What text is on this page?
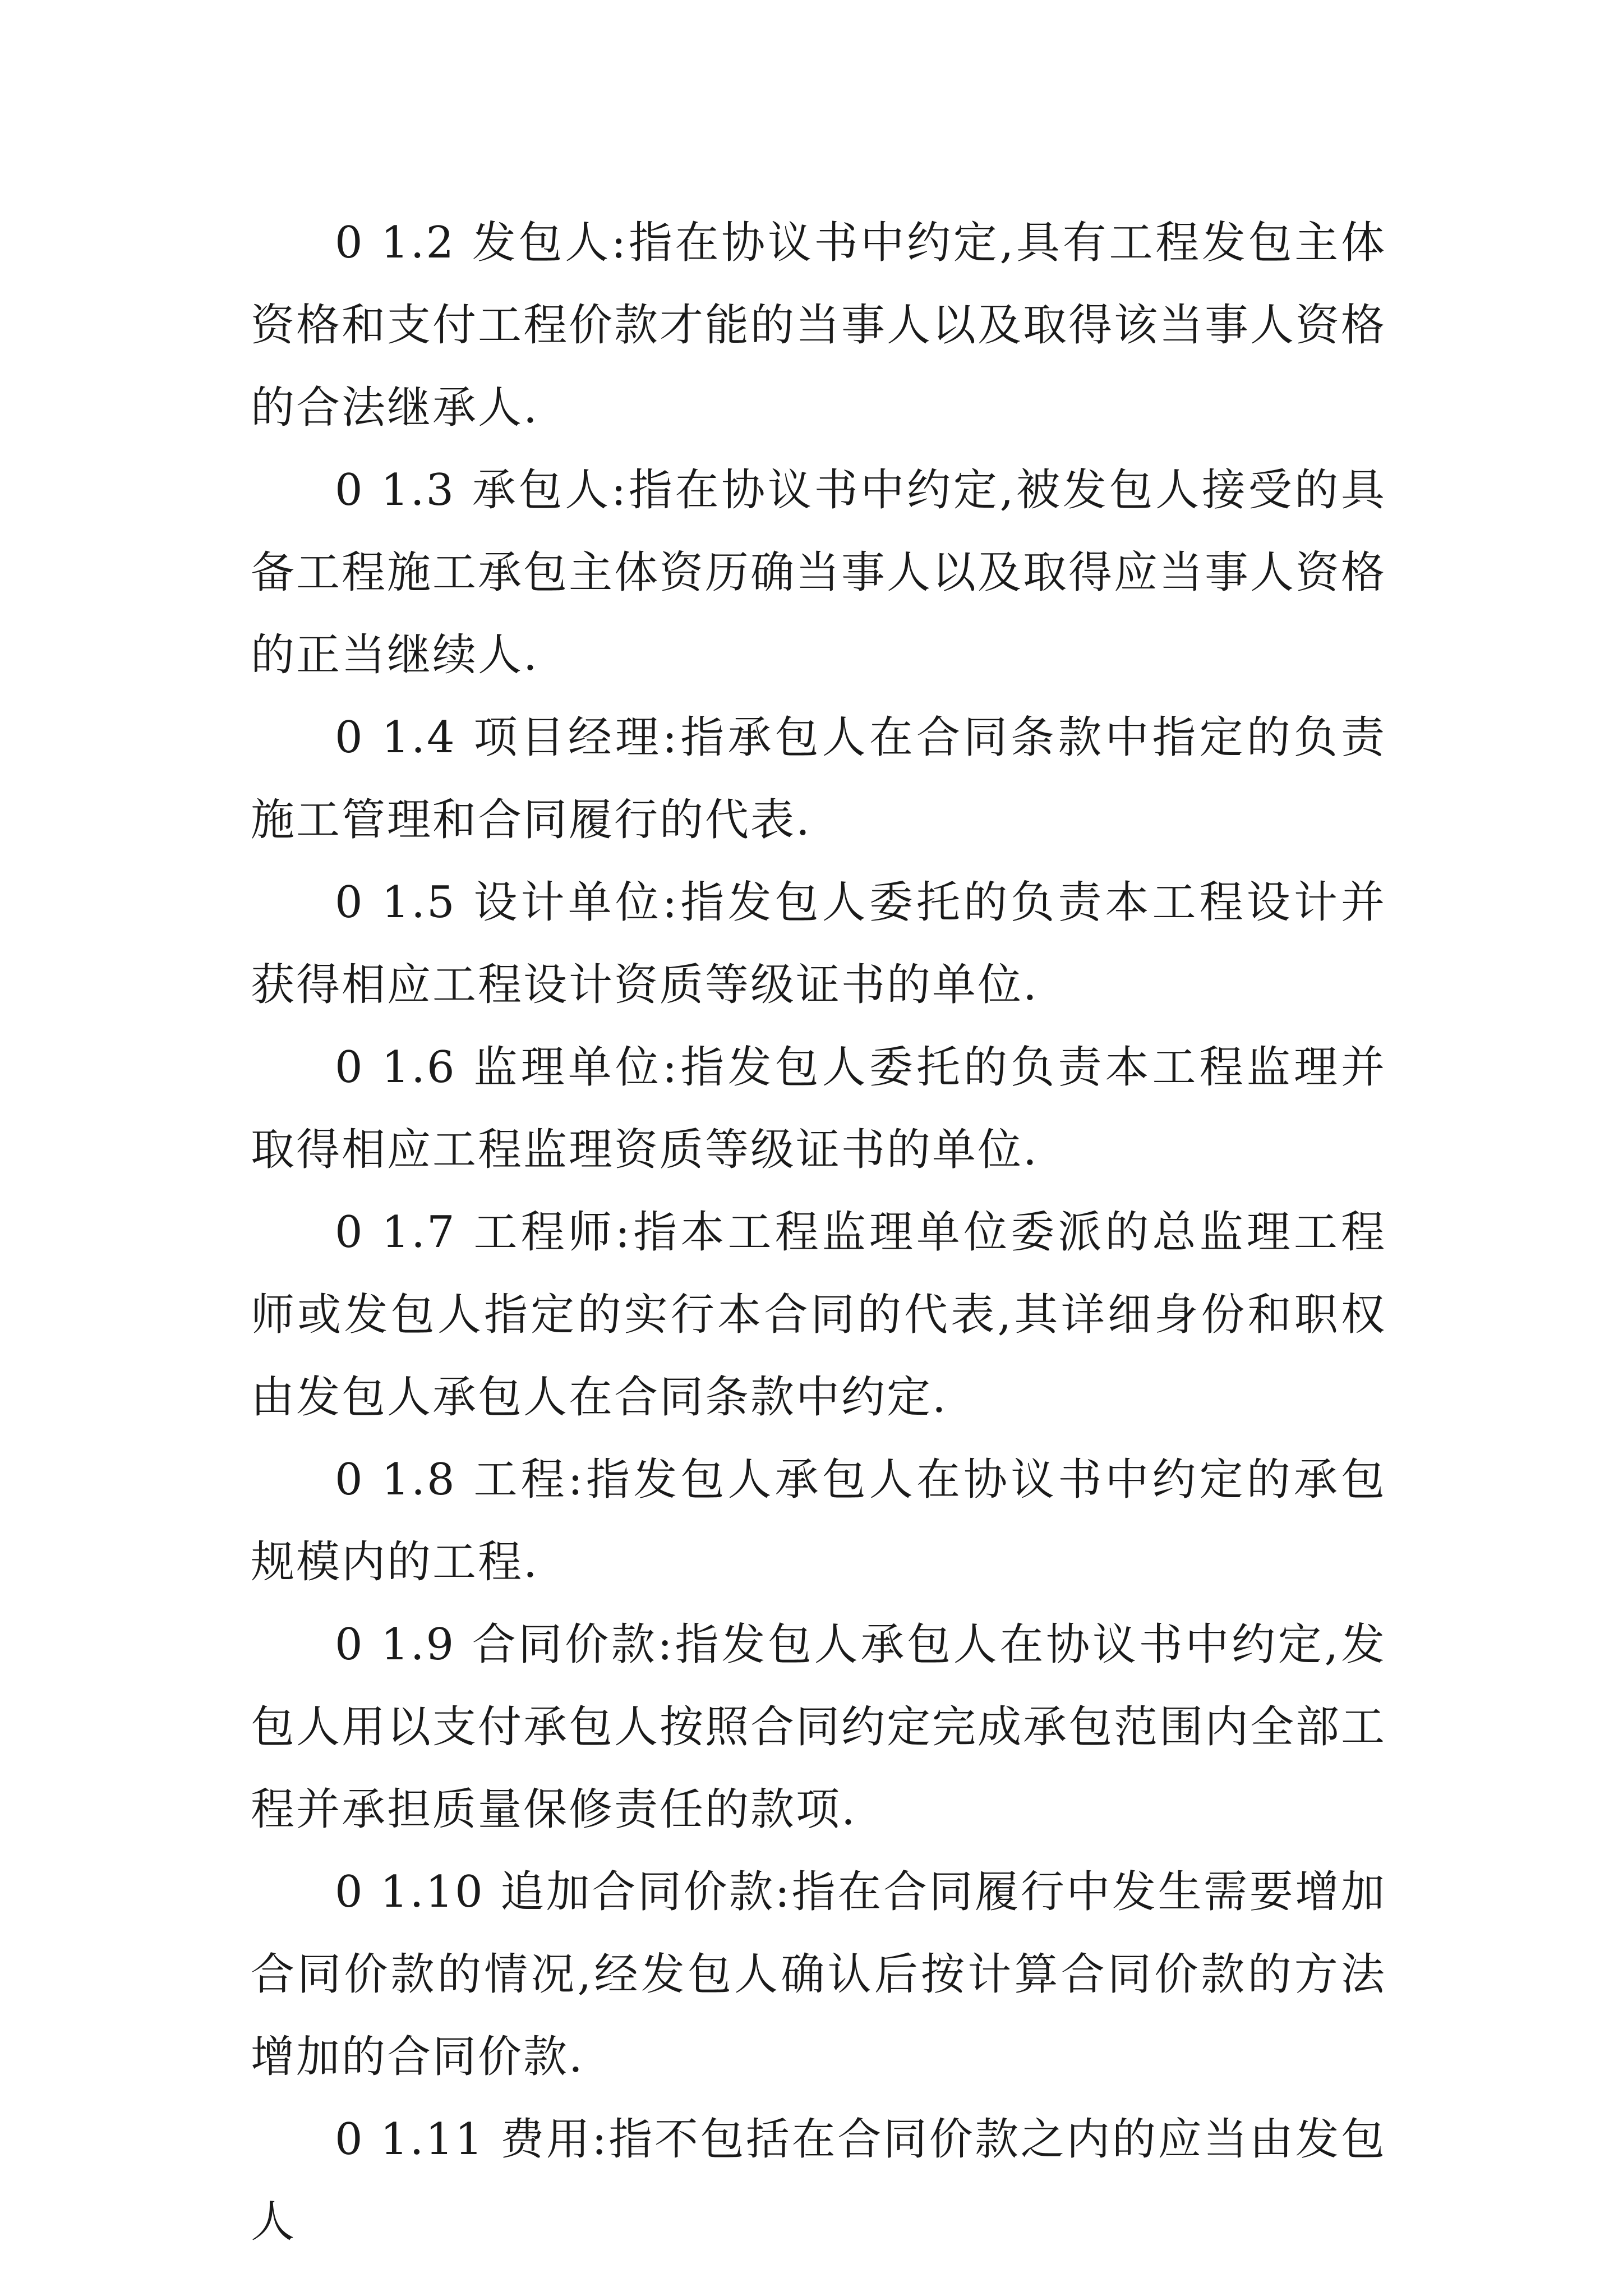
0 1.2 发包人:指在协议书中约定,具有工程发包主体资格和支付工程价款才能的当事人以及取得该当事人资格的合法继承人.

0 1.3 承包人:指在协议书中约定,被发包人接受的具备工程施工承包主体资历确当事人以及取得应当事人资格的正当继续人.

0 1.4 项目经理:指承包人在合同条款中指定的负责施工管理和合同履行的代表.

0 1.5 设计单位:指发包人委托的负责本工程设计并获得相应工程设计资质等级证书的单位.

0 1.6 监理单位:指发包人委托的负责本工程监理并取得相应工程监理资质等级证书的单位.

0 1.7 工程师:指本工程监理单位委派的总监理工程师或发包人指定的实行本合同的代表,其详细身份和职权由发包人承包人在合同条款中约定.

0 1.8 工程:指发包人承包人在协议书中约定的承包规模内的工程.

0 1.9 合同价款:指发包人承包人在协议书中约定,发包人用以支付承包人按照合同约定完成承包范围内全部工程并承担质量保修责任的款项.

0 1.10 追加合同价款:指在合同履行中发生需要增加合同价款的情况,经发包人确认后按计算合同价款的方法增加的合同价款.

0 1.11 费用:指不包括在合同价款之内的应当由发包人
